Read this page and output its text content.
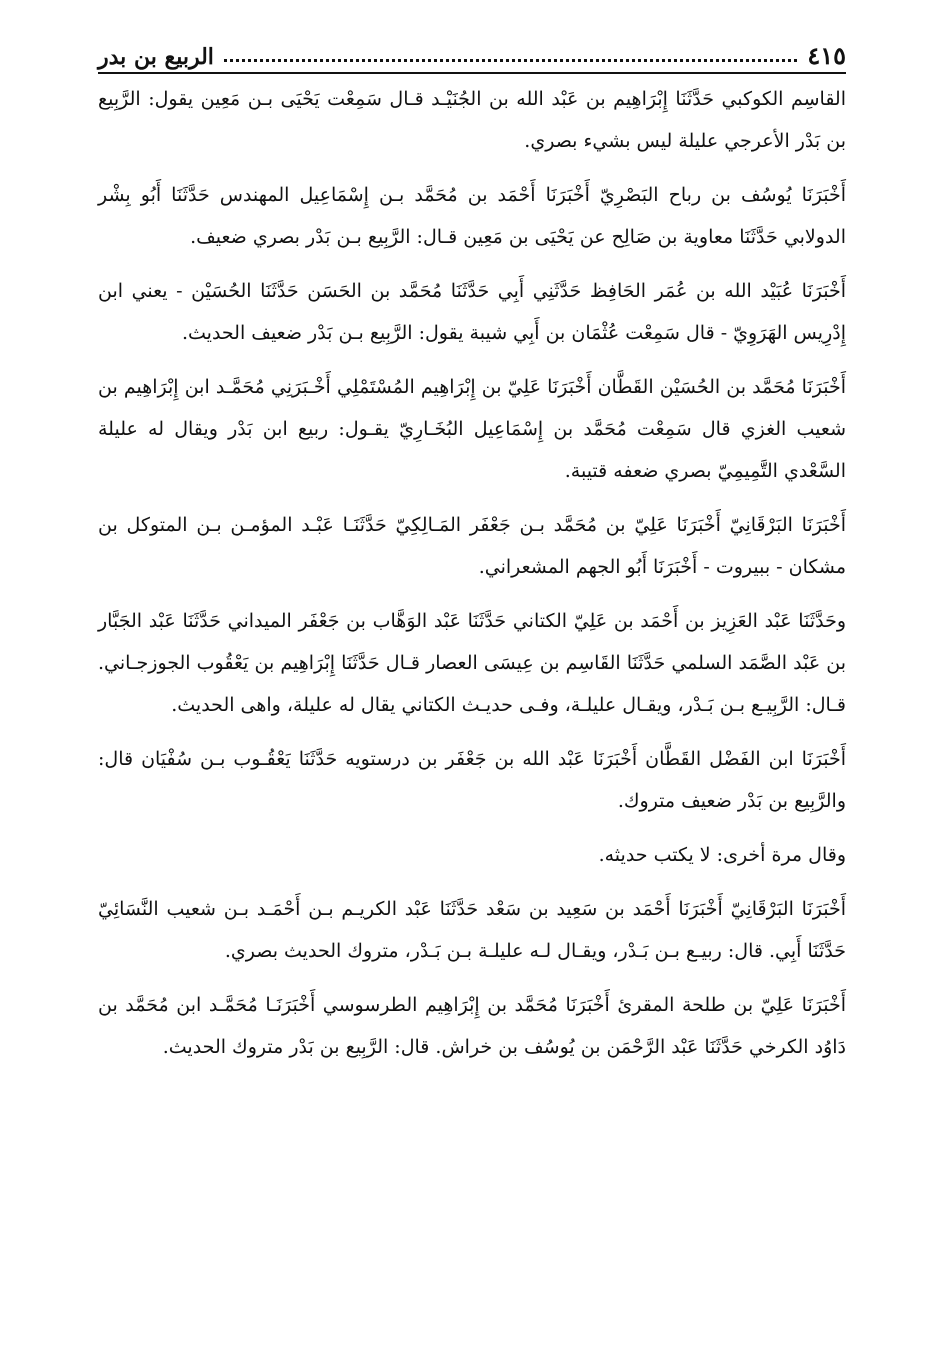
الربيع بن بدر	٤١٥

القاسِم الكوكبي حَدَّثَنَا إِبْرَاهِيم بن عَبْد الله بن الجُنَيْـد قـال سَمِعْت يَحْيَى بـن مَعِين يقول: الرَّبِيع بن بَدْر الأعرجي عليلة ليس بشيء بصري.

أَخْبَرَنَا يُوسُف بن رباح البَصْرِيّ أَخْبَرَنَا أَحْمَد بن مُحَمَّد بـن إِسْمَاعِيل المهندس حَدَّثَنَا أَبُو بِشْر الدولابي حَدَّثَنَا معاوية بن صَالِح عن يَحْيَى بن مَعِين قـال: الرَّبِيع بـن بَدْر بصري ضعيف.

أَخْبَرَنَا عُبَيْد الله بن عُمَر الحَافِظ حَدَّثَنِي أَبِي حَدَّثَنَا مُحَمَّد بن الحَسَن حَدَّثَنَا الحُسَيْن - يعني ابن إِدْرِيس الهَرَوِيّ - قال سَمِعْت عُثْمَان بن أَبِي شيبة يقول: الرَّبِيع بـن بَدْر ضعيف الحديث.

أَخْبَرَنَا مُحَمَّد بن الحُسَيْن القَطَّان أَخْبَرَنَا عَلِيّ بن إِبْرَاهِيم المُسْتَمْلِي أَخْـبَرَنِي مُحَمَّـد ابن إِبْرَاهِيم بن شعيب الغزي قال سَمِعْت مُحَمَّد بن إِسْمَاعِيل البُخَـارِيّ يقـول: ربيع ابن بَدْر ويقال له عليلة السَّعْدي التَّمِيمِيّ بصري ضعفه قتيبة.

أَخْبَرَنَا البَرْقَانِيّ أَخْبَرَنَا عَلِيّ بن مُحَمَّد بـن جَعْفَر المَـالِكِيّ حَدَّثَنَـا عَبْـد المؤمـن بـن المتوكل بن مشكان - ببيروت - أَخْبَرَنَا أَبُو الجهم المشعراني.

وحَدَّثَنَا عَبْد العَزِيز بن أَحْمَد بن عَلِيّ الكتاني حَدَّثَنَا عَبْد الوَهَّاب بن جَعْفَر الميداني حَدَّثَنَا عَبْد الجَبَّار بن عَبْد الصَّمَد السلمي حَدَّثَنَا القَاسِم بن عِيسَى العصار قـال حَدَّثَنَا إِبْرَاهِيم بن يَعْقُوب الجوزجـاني. قـال: الرَّبِيـع بـن بَـدْر، ويقـال عليلـة، وفـى حديـث الكتاني يقال له عليلة، واهى الحديث.

أَخْبَرَنَا ابن الفَضْل القَطَّان أَخْبَرَنَا عَبْد الله بن جَعْفَر بن درستويه حَدَّثَنَا يَعْقُـوب بـن سُفْيَان قال: والرَّبِيع بن بَدْر ضعيف متروك.

وقال مرة أخرى: لا يكتب حديثه.

أَخْبَرَنَا البَرْقَانِيّ أَخْبَرَنَا أَحْمَد بن سَعِيد بن سَعْد حَدَّثَنَا عَبْد الكريـم بـن أَحْمَـد بـن شعيب النَّسَائِيّ حَدَّثَنَا أَبِي. قال: ربيـع بـن بَـدْر، ويقـال لـه عليلـة بـن بَـدْر، متروك الحديث بصري.

أَخْبَرَنَا عَلِيّ بن طلحة المقرئ أَخْبَرَنَا مُحَمَّد بن إِبْرَاهِيم الطرسوسي أَخْبَرَنَـا مُحَمَّـد ابن مُحَمَّد بن دَاوُد الكرخي حَدَّثَنَا عَبْد الرَّحْمَن بن يُوسُف بن خراش. قال: الرَّبِيع بن بَدْر متروك الحديث.
